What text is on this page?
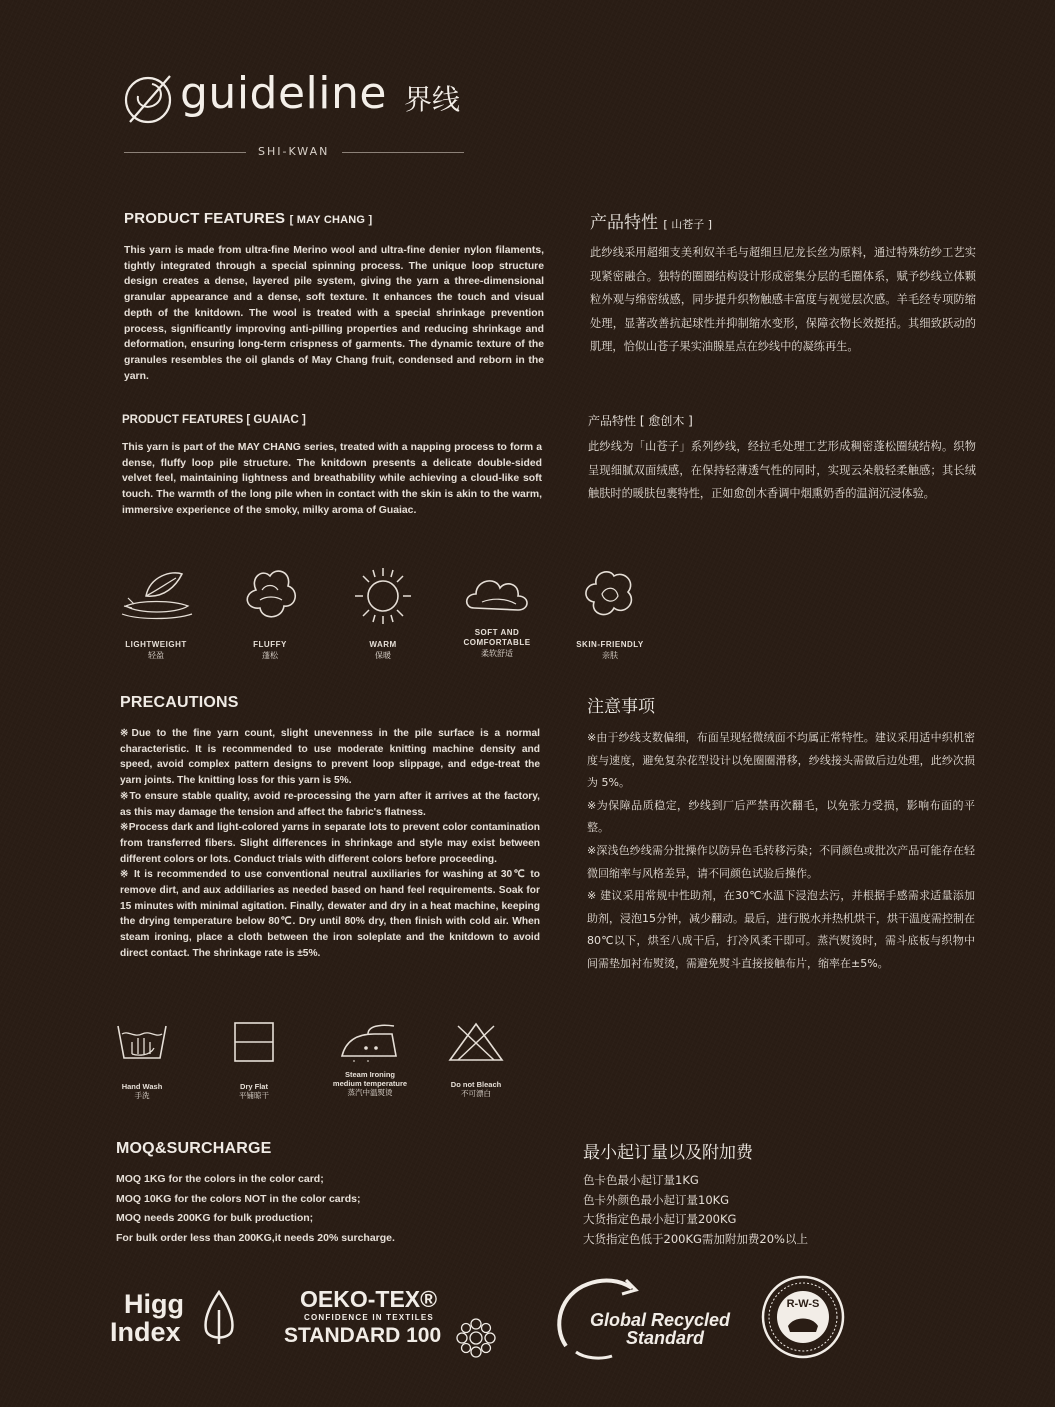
guideline 界线
SHI-KWAN
PRODUCT FEATURES [ MAY CHANG ]
This yarn is made from ultra-fine Merino wool and ultra-fine denier nylon filaments, tightly integrated through a special spinning process. The unique loop structure design creates a dense, layered pile system, giving the yarn a three-dimensional granular appearance and a dense, soft texture. It enhances the touch and visual depth of the knitdown. The wool is treated with a special shrinkage prevention process, significantly improving anti-pilling properties and reducing shrinkage and deformation, ensuring long-term crispness of garments. The dynamic texture of the granules resembles the oil glands of May Chang fruit, condensed and reborn in the yarn.
产品特性 [ 山苍子 ]
此纱线采用超细支美利奴羊毛与超细旦尼龙长丝为原料，通过特殊纺纱工艺实现紧密融合。独特的圈圈结构设计形成密集分层的毛圈体系，赋予纱线立体颗粒外观与绵密绒感，同步提升织物触感丰富度与视觉层次感。羊毛经专项防缩处理，显著改善抗起球性并抑制缩水变形，保障衣物长效挺括。其细致跃动的肌理，恰似山苍子果实油腺星点在纱线中的凝练再生。
PRODUCT FEATURES [ GUAIAC ]
This yarn is part of the MAY CHANG series, treated with a napping process to form a dense, fluffy loop pile structure. The knitdown presents a delicate double-sided velvet feel, maintaining lightness and breathability while achieving a cloud-like soft touch. The warmth of the long pile when in contact with the skin is akin to the warm, immersive experience of the smoky, milky aroma of Guaiac.
产品特性 [ 愈创木 ]
此纱线为「山苍子」系列纱线，经拉毛处理工艺形成稠密蓬松圈绒结构。织物呈现细腻双面绒感，在保持轻薄透气性的同时，实现云朵般轻柔触感；其长绒触肤时的暖肤包裹特性，正如愈创木香调中烟熏奶香的温润沉浸体验。
LIGHTWEIGHT
轻盈
FLUFFY
蓬松
WARM
保暖
SOFT AND
COMFORTABLE
柔软舒适
SKIN-FRIENDLY
亲肤
PRECAUTIONS
※Due to the fine yarn count, slight unevenness in the pile surface is a normal characteristic. It is recommended to use moderate knitting machine density and speed, avoid complex pattern designs to prevent loop slippage, and edge-treat the yarn joints. The knitting loss for this yarn is 5%.
※To ensure stable quality, avoid re-processing the yarn after it arrives at the factory, as this may damage the tension and affect the fabric's flatness.
※Process dark and light-colored yarns in separate lots to prevent color contamination from transferred fibers. Slight differences in shrinkage and style may exist between different colors or lots. Conduct trials with different colors before proceeding.
※ It is recommended to use conventional neutral auxiliaries for washing at 30℃ to remove dirt, and aux addiliaries as needed based on hand feel requirements. Soak for 15 minutes with minimal agitation. Finally, dewater and dry in a heat machine, keeping the drying temperature below 80℃. Dry until 80% dry, then finish with cold air. When steam ironing, place a cloth between the iron soleplate and the knitdown to avoid direct contact. The shrinkage rate is ±5%.
注意事项
※由于纱线支数偏细，布面呈现轻微绒面不均属正常特性。建议采用适中织机密度与速度，避免复杂花型设计以免圈圈滑移，纱线接头需做后边处理，此纱次损为 5%。
※为保障品质稳定，纱线到厂后严禁再次翻毛，以免张力受损，影响布面的平整。
※深浅色纱线需分批操作以防异色毛转移污染；不同颜色或批次产品可能存在轻微回缩率与风格差异，请不同颜色试验后操作。
※ 建议采用常规中性助剂，在30℃水温下浸泡去污，并根据手感需求适量添加助剂，浸泡15分钟，减少翻动。最后，进行脱水并热机烘干，烘干温度需控制在80℃以下，烘至八成干后，打冷风柔干即可。蒸汽熨烫时，需斗底板与织物中间需垫加衬布熨烫，需避免熨斗直接接触布片，缩率在±5%。
Hand Wash
手洗
Dry Flat
平铺晾干
Steam Ironing
medium temperature
蒸汽中温熨烫
Do not Bleach
不可漂白
MOQ&SURCHARGE
MOQ 1KG for the colors in the color card;
MOQ 10KG for the colors NOT in the color cards;
MOQ needs 200KG for bulk production;
For bulk order less than 200KG,it needs 20% surcharge.
最小起订量以及附加费
色卡色最小起订量1KG
色卡外颜色最小起订量10KG
大货指定色最小起订量200KG
大货指定色低于200KG需加附加费20%以上
Higg
Index
OEKO-TEX®
CONFIDENCE IN TEXTILES
STANDARD 100
Global Recycled
Standard
R-W-S
